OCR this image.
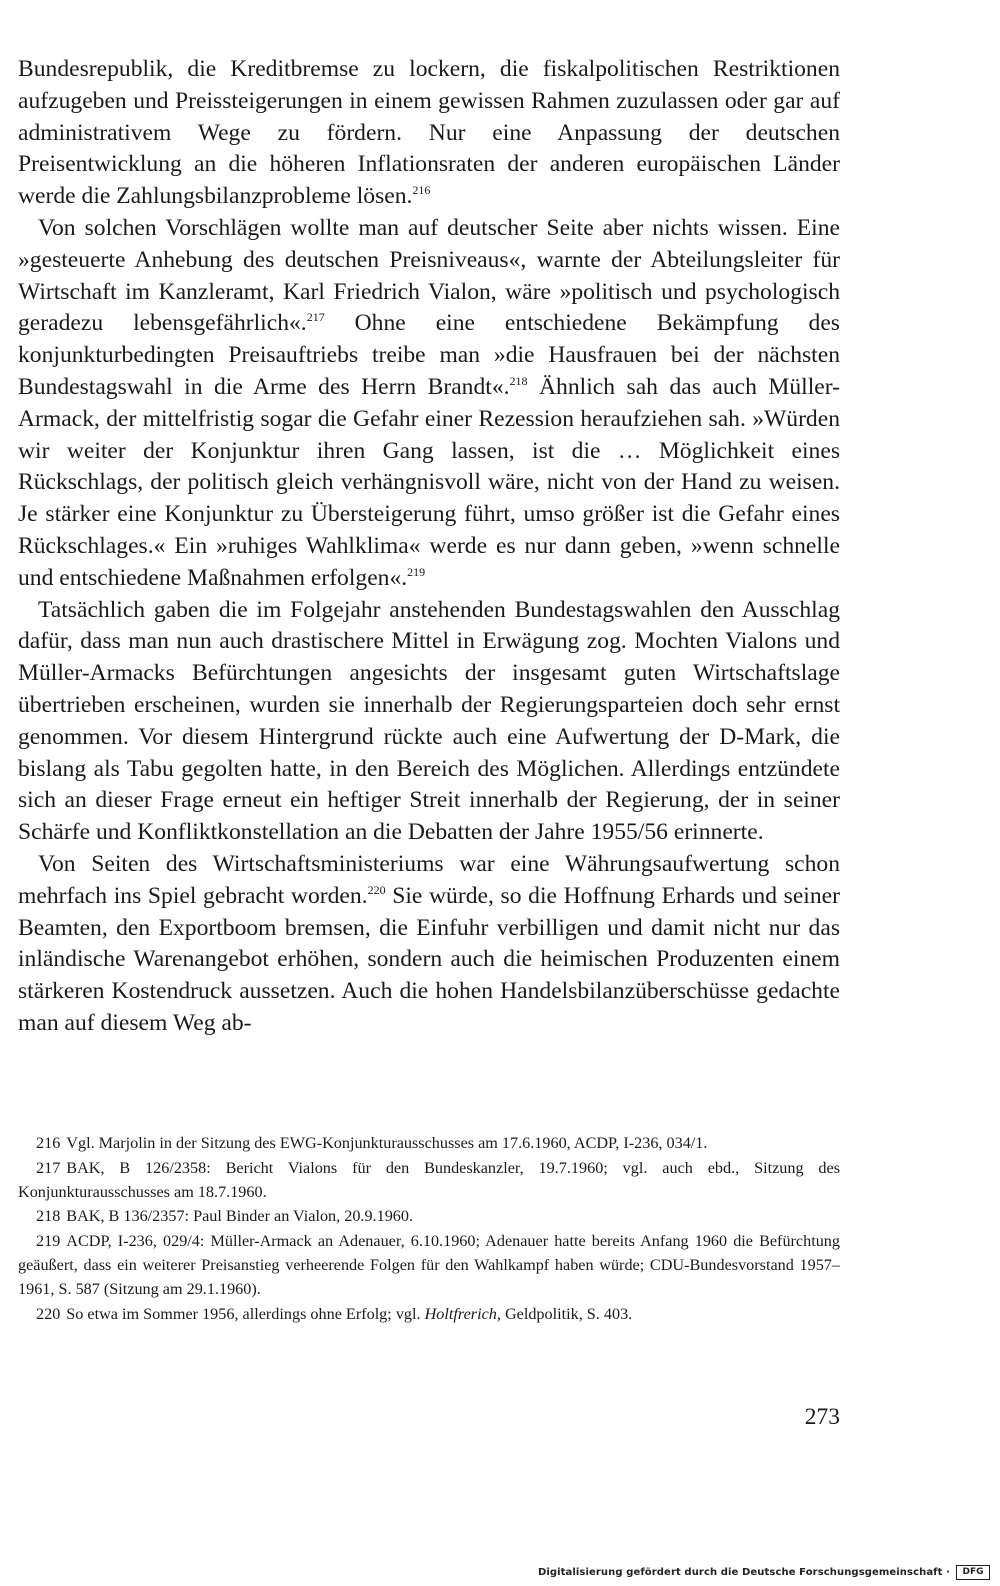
Bundesrepublik, die Kreditbremse zu lockern, die fiskalpolitischen Restriktionen aufzugeben und Preissteigerungen in einem gewissen Rahmen zuzulassen oder gar auf administrativem Wege zu fördern. Nur eine Anpassung der deutschen Preisentwicklung an die höheren Inflationsraten der anderen europäischen Länder werde die Zahlungsbilanzprobleme lösen.$^{216}$

Von solchen Vorschlägen wollte man auf deutscher Seite aber nichts wissen. Eine »gesteuerte Anhebung des deutschen Preisniveaus«, warnte der Abteilungsleiter für Wirtschaft im Kanzleramt, Karl Friedrich Vialon, wäre »politisch und psychologisch geradezu lebensgefährlich«.$^{217}$ Ohne eine entschiedene Bekämpfung des konjunkturbedingten Preisauftriebs treibe man »die Hausfrauen bei der nächsten Bundestagswahl in die Arme des Herrn Brandt«.$^{218}$ Ähnlich sah das auch Müller-Armack, der mittelfristig sogar die Gefahr einer Rezession heraufziehen sah. »Würden wir weiter der Konjunktur ihren Gang lassen, ist die … Möglichkeit eines Rückschlags, der politisch gleich verhängnisvoll wäre, nicht von der Hand zu weisen. Je stärker eine Konjunktur zu Übersteigerung führt, umso größer ist die Gefahr eines Rückschlages.« Ein »ruhiges Wahlklima« werde es nur dann geben, »wenn schnelle und entschiedene Maßnahmen erfolgen«.$^{219}$

Tatsächlich gaben die im Folgejahr anstehenden Bundestagswahlen den Ausschlag dafür, dass man nun auch drastischere Mittel in Erwägung zog. Mochten Vialons und Müller-Armacks Befürchtungen angesichts der insgesamt guten Wirtschaftslage übertrieben erscheinen, wurden sie innerhalb der Regierungsparteien doch sehr ernst genommen. Vor diesem Hintergrund rückte auch eine Aufwertung der D-Mark, die bislang als Tabu gegolten hatte, in den Bereich des Möglichen. Allerdings entzündete sich an dieser Frage erneut ein heftiger Streit innerhalb der Regierung, der in seiner Schärfe und Konfliktkonstellation an die Debatten der Jahre 1955/56 erinnerte.

Von Seiten des Wirtschaftsministeriums war eine Währungsaufwertung schon mehrfach ins Spiel gebracht worden.$^{220}$ Sie würde, so die Hoffnung Erhards und seiner Beamten, den Exportboom bremsen, die Einfuhr verbilligen und damit nicht nur das inländische Warenangebot erhöhen, sondern auch die heimischen Produzenten einem stärkeren Kostendruck aussetzen. Auch die hohen Handelsbilanzüberschüsse gedachte man auf diesem Weg ab-

216 Vgl. Marjolin in der Sitzung des EWG-Konjunkturausschusses am 17.6.1960, ACDP, I-236, 034/1.

217 BAK, B 126/2358: Bericht Vialons für den Bundeskanzler, 19.7.1960; vgl. auch ebd., Sitzung des Konjunkturausschusses am 18.7.1960.

218 BAK, B 136/2357: Paul Binder an Vialon, 20.9.1960.

219 ACDP, I-236, 029/4: Müller-Armack an Adenauer, 6.10.1960; Adenauer hatte bereits Anfang 1960 die Befürchtung geäußert, dass ein weiterer Preisanstieg verheerende Folgen für den Wahlkampf haben würde; CDU-Bundesvorstand 1957–1961, S. 587 (Sitzung am 29.1.1960).

220 So etwa im Sommer 1956, allerdings ohne Erfolg; vgl. Holtfrerich, Geldpolitik, S. 403.

273
Digitalisierung gefördert durch die Deutsche Forschungsgemeinschaft ·	DFG
